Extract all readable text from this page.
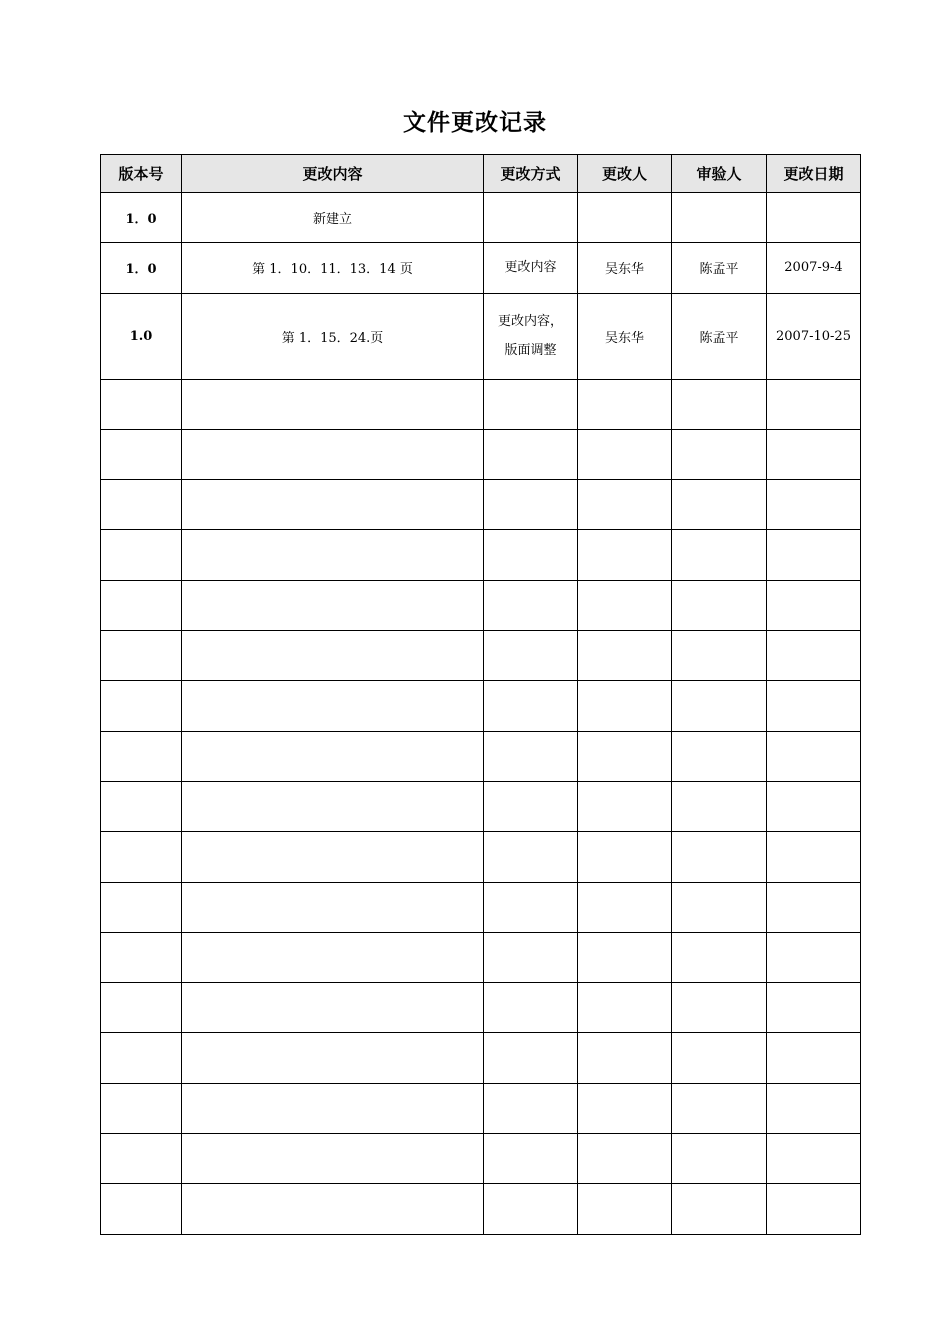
文件更改记录
版本号	更改内容	更改方式	更改人	审验人	更改日期
1．0	新建立				
1．0	第 1．10．11．13．14 页	更改内容	吴东华	陈孟平	2007-9-4
1.0	第 1．15．24.页	更改内容，版面调整	吴东华	陈孟平	2007-10-25
